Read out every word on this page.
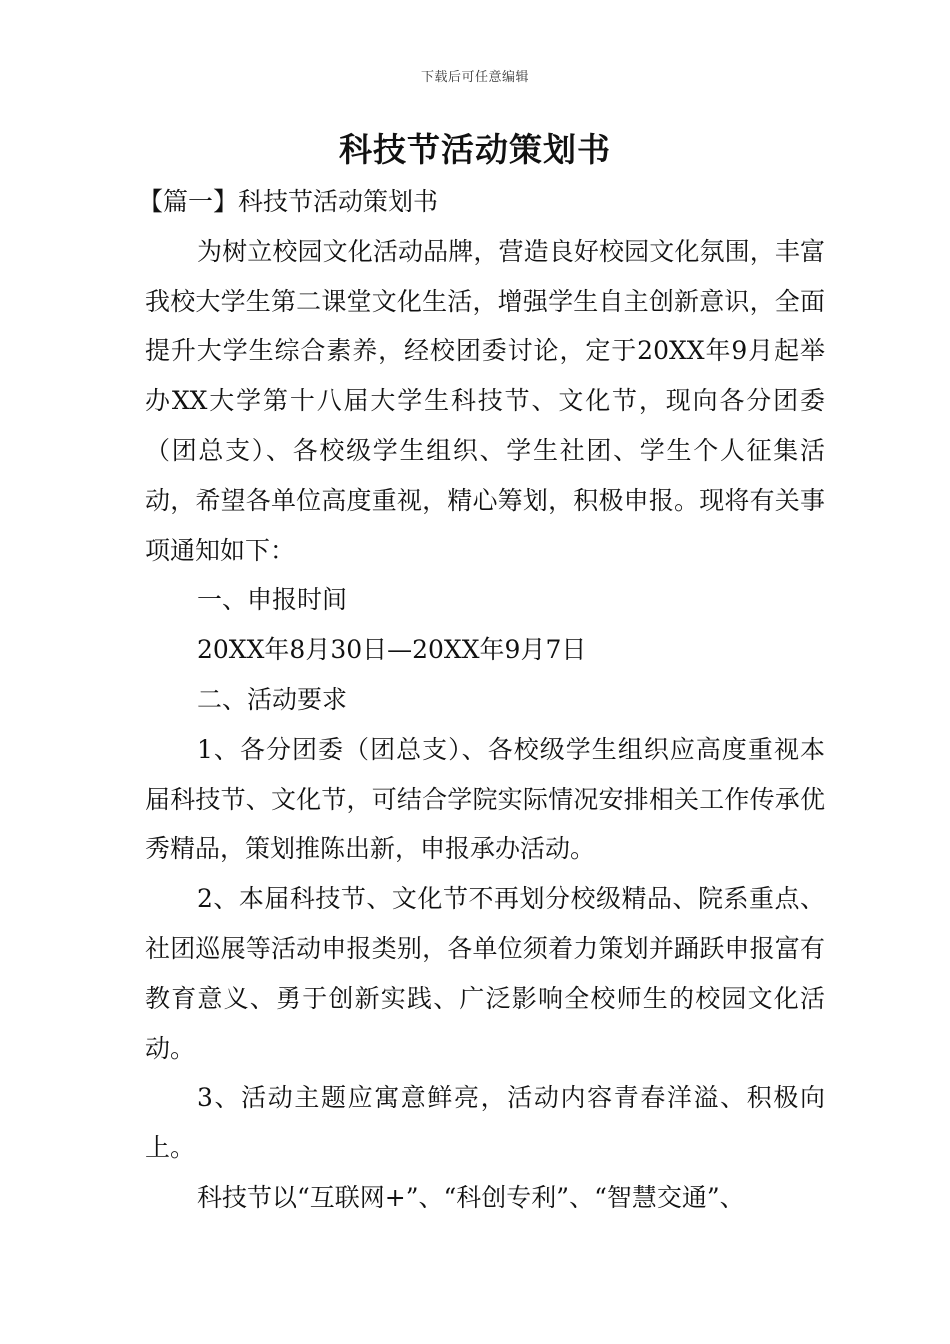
下载后可任意编辑
科技节活动策划书

【篇一】科技节活动策划书

为树立校园文化活动品牌，营造良好校园文化氛围，丰富我校大学生第二课堂文化生活，增强学生自主创新意识，全面提升大学生综合素养，经校团委讨论，定于20XX年9月起举办XX大学第十八届大学生科技节、文化节，现向各分团委（团总支）、各校级学生组织、学生社团、学生个人征集活动，希望各单位高度重视，精心筹划，积极申报。现将有关事项通知如下：

一、申报时间

20XX年8月30日—20XX年9月7日

二、活动要求

1、各分团委（团总支）、各校级学生组织应高度重视本届科技节、文化节，可结合学院实际情况安排相关工作传承优秀精品，策划推陈出新，申报承办活动。

2、本届科技节、文化节不再划分校级精品、院系重点、社团巡展等活动申报类别，各单位须着力策划并踊跃申报富有教育意义、勇于创新实践、广泛影响全校师生的校园文化活动。

3、活动主题应寓意鲜亮，活动内容青春洋溢、积极向上。

科技节以“互联网+”、“科创专利”、“智慧交通”、
